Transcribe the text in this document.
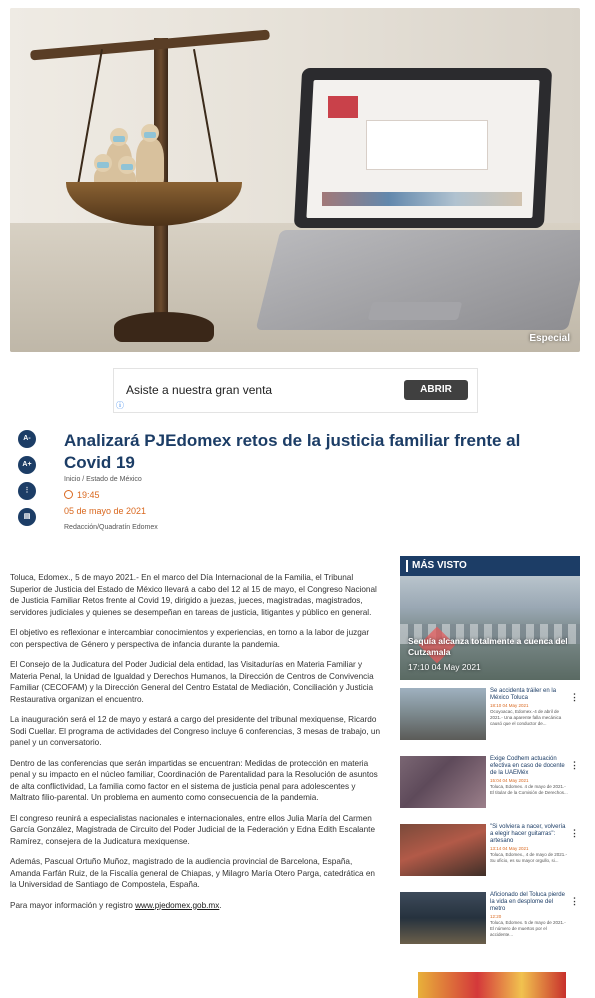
Especial
Asiste a nuestra gran venta	ABRIR
ⓘ
A-
A+
⋮
▤
Analizará PJEdomex retos de la justicia familiar frente al Covid 19
Inicio / Estado de México
19:45
05 de mayo de 2021
Redacción/Quadratín Edomex

Toluca, Edomex., 5 de mayo 2021.- En el marco del Día Internacional de la Familia, el Tribunal Superior de Justicia del Estado de México llevará a cabo del 12 al 15 de mayo, el Congreso Nacional de Justicia Familiar Retos frente al Covid 19, dirigido a juezas, jueces, magistradas, magistrados, servidores judiciales y quienes se desempeñan en tareas de justicia, litigantes y público en general.

El objetivo es reflexionar e intercambiar conocimientos y experiencias, en torno a la labor de juzgar con perspectiva de Género y perspectiva de infancia durante la pandemia.

El Consejo de la Judicatura del Poder Judicial dela entidad, las Visitadurías en Materia Familiar y Materia Penal, la Unidad de Igualdad y Derechos Humanos, la Dirección de Centros de Convivencia Familiar (CECOFAM) y la Dirección General del Centro Estatal de Mediación, Conciliación y Justicia Restaurativa organizan el encuentro.

La inauguración será el 12 de mayo y estará a cargo del presidente del tribunal mexiquense, Ricardo Sodi Cuellar. El programa de actividades del Congreso incluye 6 conferencias, 3 mesas de trabajo, un panel y un conversatorio.

Dentro de las conferencias que serán impartidas se encuentran: Medidas de protección en materia penal y su impacto en el núcleo familiar, Coordinación de Parentalidad para la Resolución de asuntos de alta conflictividad, La familia como factor en el sistema de justicia penal para adolescentes y Maltrato filio-parental. Un problema en aumento como consecuencia de la pandemia.

El congreso reunirá a especialistas nacionales e internacionales, entre ellos Julia María del Carmen García González, Magistrada de Circuito del Poder Judicial de la Federación y Edna Edith Escalante Ramírez, consejera de la Judicatura mexiquense.

Además, Pascual Ortuño Muñoz, magistrado de la audiencia provincial de Barcelona, España, Amanda Farfán Ruiz, de la Fiscalía general de Chiapas, y Milagro María Otero Parga, catedrática en la Universidad de Santiago de Compostela, España.

Para mayor información y registro www.pjedomex.gob.mx.

MÁS VISTO
Sequía alcanza totalmente a cuenca del Cutzamala
17:10 04 May 2021
Se accidenta tráiler en la México Toluca
18:10 04 May 2021
Ocoyoacac, Edomex.-4 de abril de 2021.- Una aparente falla mecánica causó que el conductor de...
⋮
Exige Codhem actuación efectiva en caso de docente de la UAEMéx
15:04 04 May 2021
Toluca, Edomex. 4 de mayo de 2021.- El titular de la Comisión de Derechos...
⋮
"Si volviera a nacer, volvería a elegir hacer guitarras": artesano
13:14 04 May 2021
Toluca, Edomex., 4 de mayo de 2021.- Su oficio, es su mayor orgullo, si...
⋮
Aficionado del Toluca pierde la vida en desplome del metro
12:20
Toluca, Edomex. 5 de mayo de 2021.- El número de muertos por el accidente...
⋮
